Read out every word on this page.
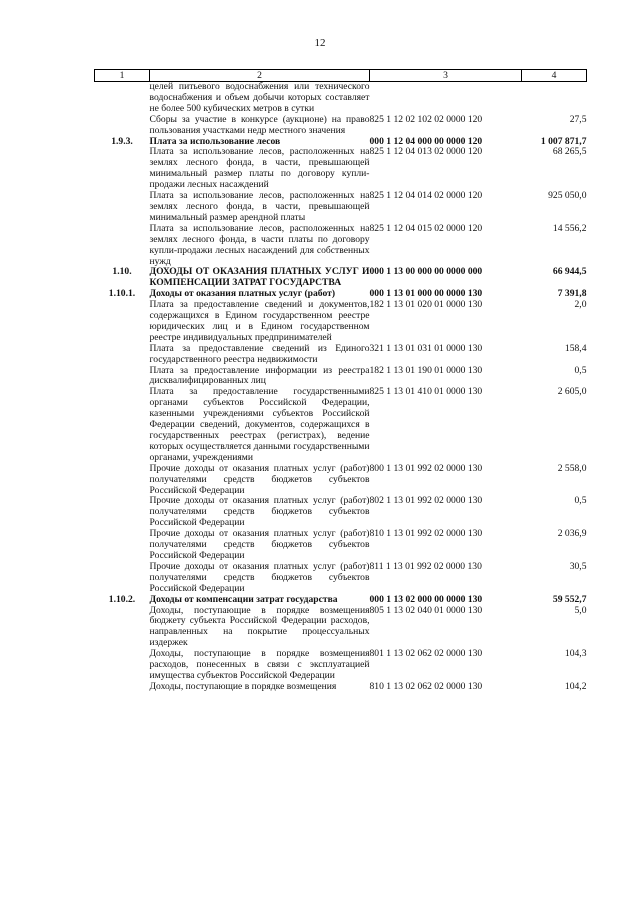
12
1	2	3	4
	целей питьевого водоснабжения или технического водоснабжения и объем добычи которых составляет не более 500 кубических метров в сутки		
	Сборы за участие в конкурсе (аукционе) на право пользования участками недр местного значения	825 1 12 02 102 02 0000 120	27,5
1.9.3.	Плата за использование лесов	000 1 12 04 000 00 0000 120	1 007 871,7
	Плата за использование лесов, расположенных на землях лесного фонда, в части, превышающей минимальный размер платы по договору купли-продажи лесных насаждений	825 1 12 04 013 02 0000 120	68 265,5
	Плата за использование лесов, расположенных на землях лесного фонда, в части, превышающей минимальный размер арендной платы	825 1 12 04 014 02 0000 120	925 050,0
	Плата за использование лесов, расположенных на землях лесного фонда, в части платы по договору купли-продажи лесных насаждений для собственных нужд	825 1 12 04 015 02 0000 120	14 556,2
1.10.	ДОХОДЫ ОТ ОКАЗАНИЯ ПЛАТНЫХ УСЛУГ И КОМПЕНСАЦИИ ЗАТРАТ ГОСУДАРСТВА	000 1 13 00 000 00 0000 000	66 944,5
1.10.1.	Доходы от оказания платных услуг (работ)	000 1 13 01 000 00 0000 130	7 391,8
	Плата за предоставление сведений и документов, содержащихся в Едином государственном реестре юридических лиц и в Едином государственном реестре индивидуальных предпринимателей	182 1 13 01 020 01 0000 130	2,0
	Плата за предоставление сведений из Единого государственного реестра недвижимости	321 1 13 01 031 01 0000 130	158,4
	Плата за предоставление информации из реестра дисквалифицированных лиц	182 1 13 01 190 01 0000 130	0,5
	Плата за предоставление государственными органами субъектов Российской Федерации, казенными учреждениями субъектов Российской Федерации сведений, документов, содержащихся в государственных реестрах (регистрах), ведение которых осуществляется данными государственными органами, учреждениями	825 1 13 01 410 01 0000 130	2 605,0
	Прочие доходы от оказания платных услуг (работ) получателями средств бюджетов субъектов Российской Федерации	800 1 13 01 992 02 0000 130	2 558,0
	Прочие доходы от оказания платных услуг (работ) получателями средств бюджетов субъектов Российской Федерации	802 1 13 01 992 02 0000 130	0,5
	Прочие доходы от оказания платных услуг (работ) получателями средств бюджетов субъектов Российской Федерации	810 1 13 01 992 02 0000 130	2 036,9
	Прочие доходы от оказания платных услуг (работ) получателями средств бюджетов субъектов Российской Федерации	811 1 13 01 992 02 0000 130	30,5
1.10.2.	Доходы от компенсации затрат государства	000 1 13 02 000 00 0000 130	59 552,7
	Доходы, поступающие в порядке возмещения бюджету субъекта Российской Федерации расходов, направленных на покрытие процессуальных издержек	805 1 13 02 040 01 0000 130	5,0
	Доходы, поступающие в порядке возмещения расходов, понесенных в связи с эксплуатацией имущества субъектов Российской Федерации	801 1 13 02 062 02 0000 130	104,3
	Доходы, поступающие в порядке возмещения	810 1 13 02 062 02 0000 130	104,2
